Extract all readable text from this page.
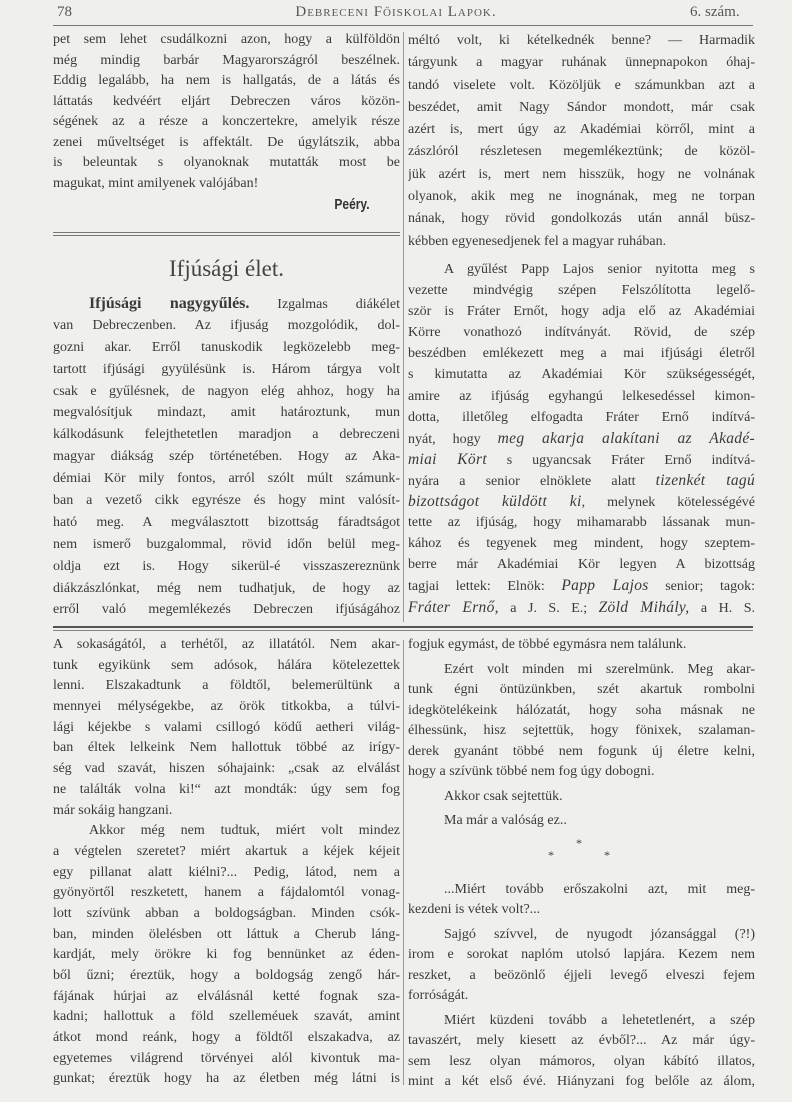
78	Debreceni Főiskolai Lapok.	6. szám.
pet sem lehet csudálkozni azon, hogy a külföldön
még mindig barbár Magyarországról beszélnek.
Eddig legalább, ha nem is hallgatás, de a látás és
láttatás kedvéért eljárt Debreczen város közön-
ségének az a része a konczertekre, amelyik része
zenei műveltséget is affektált. De úgylátszik, abba
is beleuntak s olyanoknak mutatták most be
magukat, mint amilyenek valójában!
Peéry.
Ifjúsági élet.
Ifjúsági nagygyűlés. Izgalmas diákélet
van Debreczenben. Az ifjuság mozgolódik, dol-
gozni akar. Erről tanuskodik legközelebb meg-
tartott ifjúsági gyyülésünk is. Három tárgya volt
csak e gyűlésnek, de nagyon elég ahhoz, hogy ha
megvalósítjuk mindazt, amit határoztunk, mun
kálkodásunk felejthetetlen maradjon a debreczeni
magyar diákság szép történetében. Hogy az Aka-
démiai Kör mily fontos, arról szólt múlt számunk-
ban a vezető cikk egyrésze és hogy mint valósít-
ható meg. A megválasztott bizottság fáradtságot
nem ismerő buzgalommal, rövid időn belül meg-
oldja ezt is. Hogy sikerül-é visszaszereznünk
diákzászlónkat, még nem tudhatjuk, de hogy az
erről való megemlékezés Debreczen ifjúságához
méltó volt, ki kételkednék benne? — Harmadik
tárgyunk a magyar ruhának ünnepnapokon óhaj-
tandó viselete volt. Közöljük e számunkban azt a
beszédet, amit Nagy Sándor mondott, már csak
azért is, mert úgy az Akadémiai körről, mint a
zászlóról részletesen megemlékeztünk; de közöl-
jük azért is, mert nem hisszük, hogy ne volnának
olyanok, akik meg ne inognának, meg ne torpan
nának, hogy rövid gondolkozás után annál büsz-
kébben egyenesedjenek fel a magyar ruhában.
A gyűlést Papp Lajos senior nyitotta meg s
vezette mindvégig szépen Felszólította legelő-
ször is Fráter Ernőt, hogy adja elő az Akadémiai
Körre vonathozó indítványát. Rövid, de szép
beszédben emlékezett meg a mai ifjúsági életről
s kimutatta az Akadémiai Kör szükségességét,
amire az ifjúság egyhangú lelkesedéssel kimon-
dotta, illetőleg elfogadta Fráter Ernő indítvá-
nyát, hogy meg akarja alakítani az Akadé-
miai Kört s ugyancsak Fráter Ernő indítvá-
nyára a senior elnöklete alatt tizenkét tagú
bizottságot küldött ki, melynek kötelességévé
tette az ifjúság, hogy mihamarabb lássanak mun-
kához és tegyenek meg mindent, hogy szeptem-
berre már Akadémiai Kör legyen A bizottság
tagjai lettek: Elnök: Papp Lajos senior; tagok:
Fráter Ernő, a J. S. E.; Zöld Mihály, a H. S.
A sokaságától, a terhétől, az illatától. Nem akar-
tunk egyikünk sem adósok, hálára kötelezettek
lenni. Elszakadtunk a földtől, belemerültünk a
mennyei mélységekbe, az örök titkokba, a túlvi-
lági kéjekbe s valami csillogó ködű aetheri világ-
ban éltek lelkeink Nem hallottuk többé az irígy-
ség vad szavát, hiszen sóhajaink: „csak az elválást
ne találták volna ki!“ azt mondták: úgy sem fog
már sokáig hangzani.
Akkor még nem tudtuk, miért volt mindez
a végtelen szeretet? miért akartuk a kéjek kéjeit
egy pillanat alatt kiélni?... Pedig, látod, nem a
gyönyörtől reszketett, hanem a fájdalomtól vonag-
lott szívünk abban a boldogságban. Minden csók-
ban, minden ölelésben ott láttuk a Cherub láng-
kardját, mely örökre ki fog bennünket az éden-
ből űzni; éreztük, hogy a boldogság zengő hár-
fájának húrjai az elválásnál ketté fognak sza-
kadni; hallottuk a föld szelleméuek szavát, amint
átkot mond reánk, hogy a földtől elszakadva, az
egyetemes világrend törvényei alól kivontuk ma-
gunkat; éreztük hogy ha az életben még látni is
fogjuk egymást, de többé egymásra nem találunk.
Ezért volt minden mi szerelmünk. Meg akar-
tunk égni öntüzünkben, szét akartuk rombolni
idegkötelékeink hálózatát, hogy soha másnak ne
élhessünk, hisz sejtettük, hogy fönixek, szalaman-
derek gyanánt többé nem fogunk új életre kelni,
hogy a szívünk többé nem fog úgy dobogni.
Akkor csak sejtettük.
Ma már a valóság ez..
*
*	*
...Miért tovább erőszakolni azt, mit meg-
kezdeni is vétek volt?...
Sajgó szívvel, de nyugodt józansággal (?!)
irom e sorokat naplóm utolsó lapjára. Kezem nem
reszket, a beözönlő éjjeli levegő elveszi fejem
forróságát.
Miért küzdeni tovább a lehetetlenért, a szép
tavaszért, mely kiesett az évből?... Az már úgy-
sem lesz olyan mámoros, olyan kábító illatos,
mint a két első évé. Hiányzani fog belőle az álom,
